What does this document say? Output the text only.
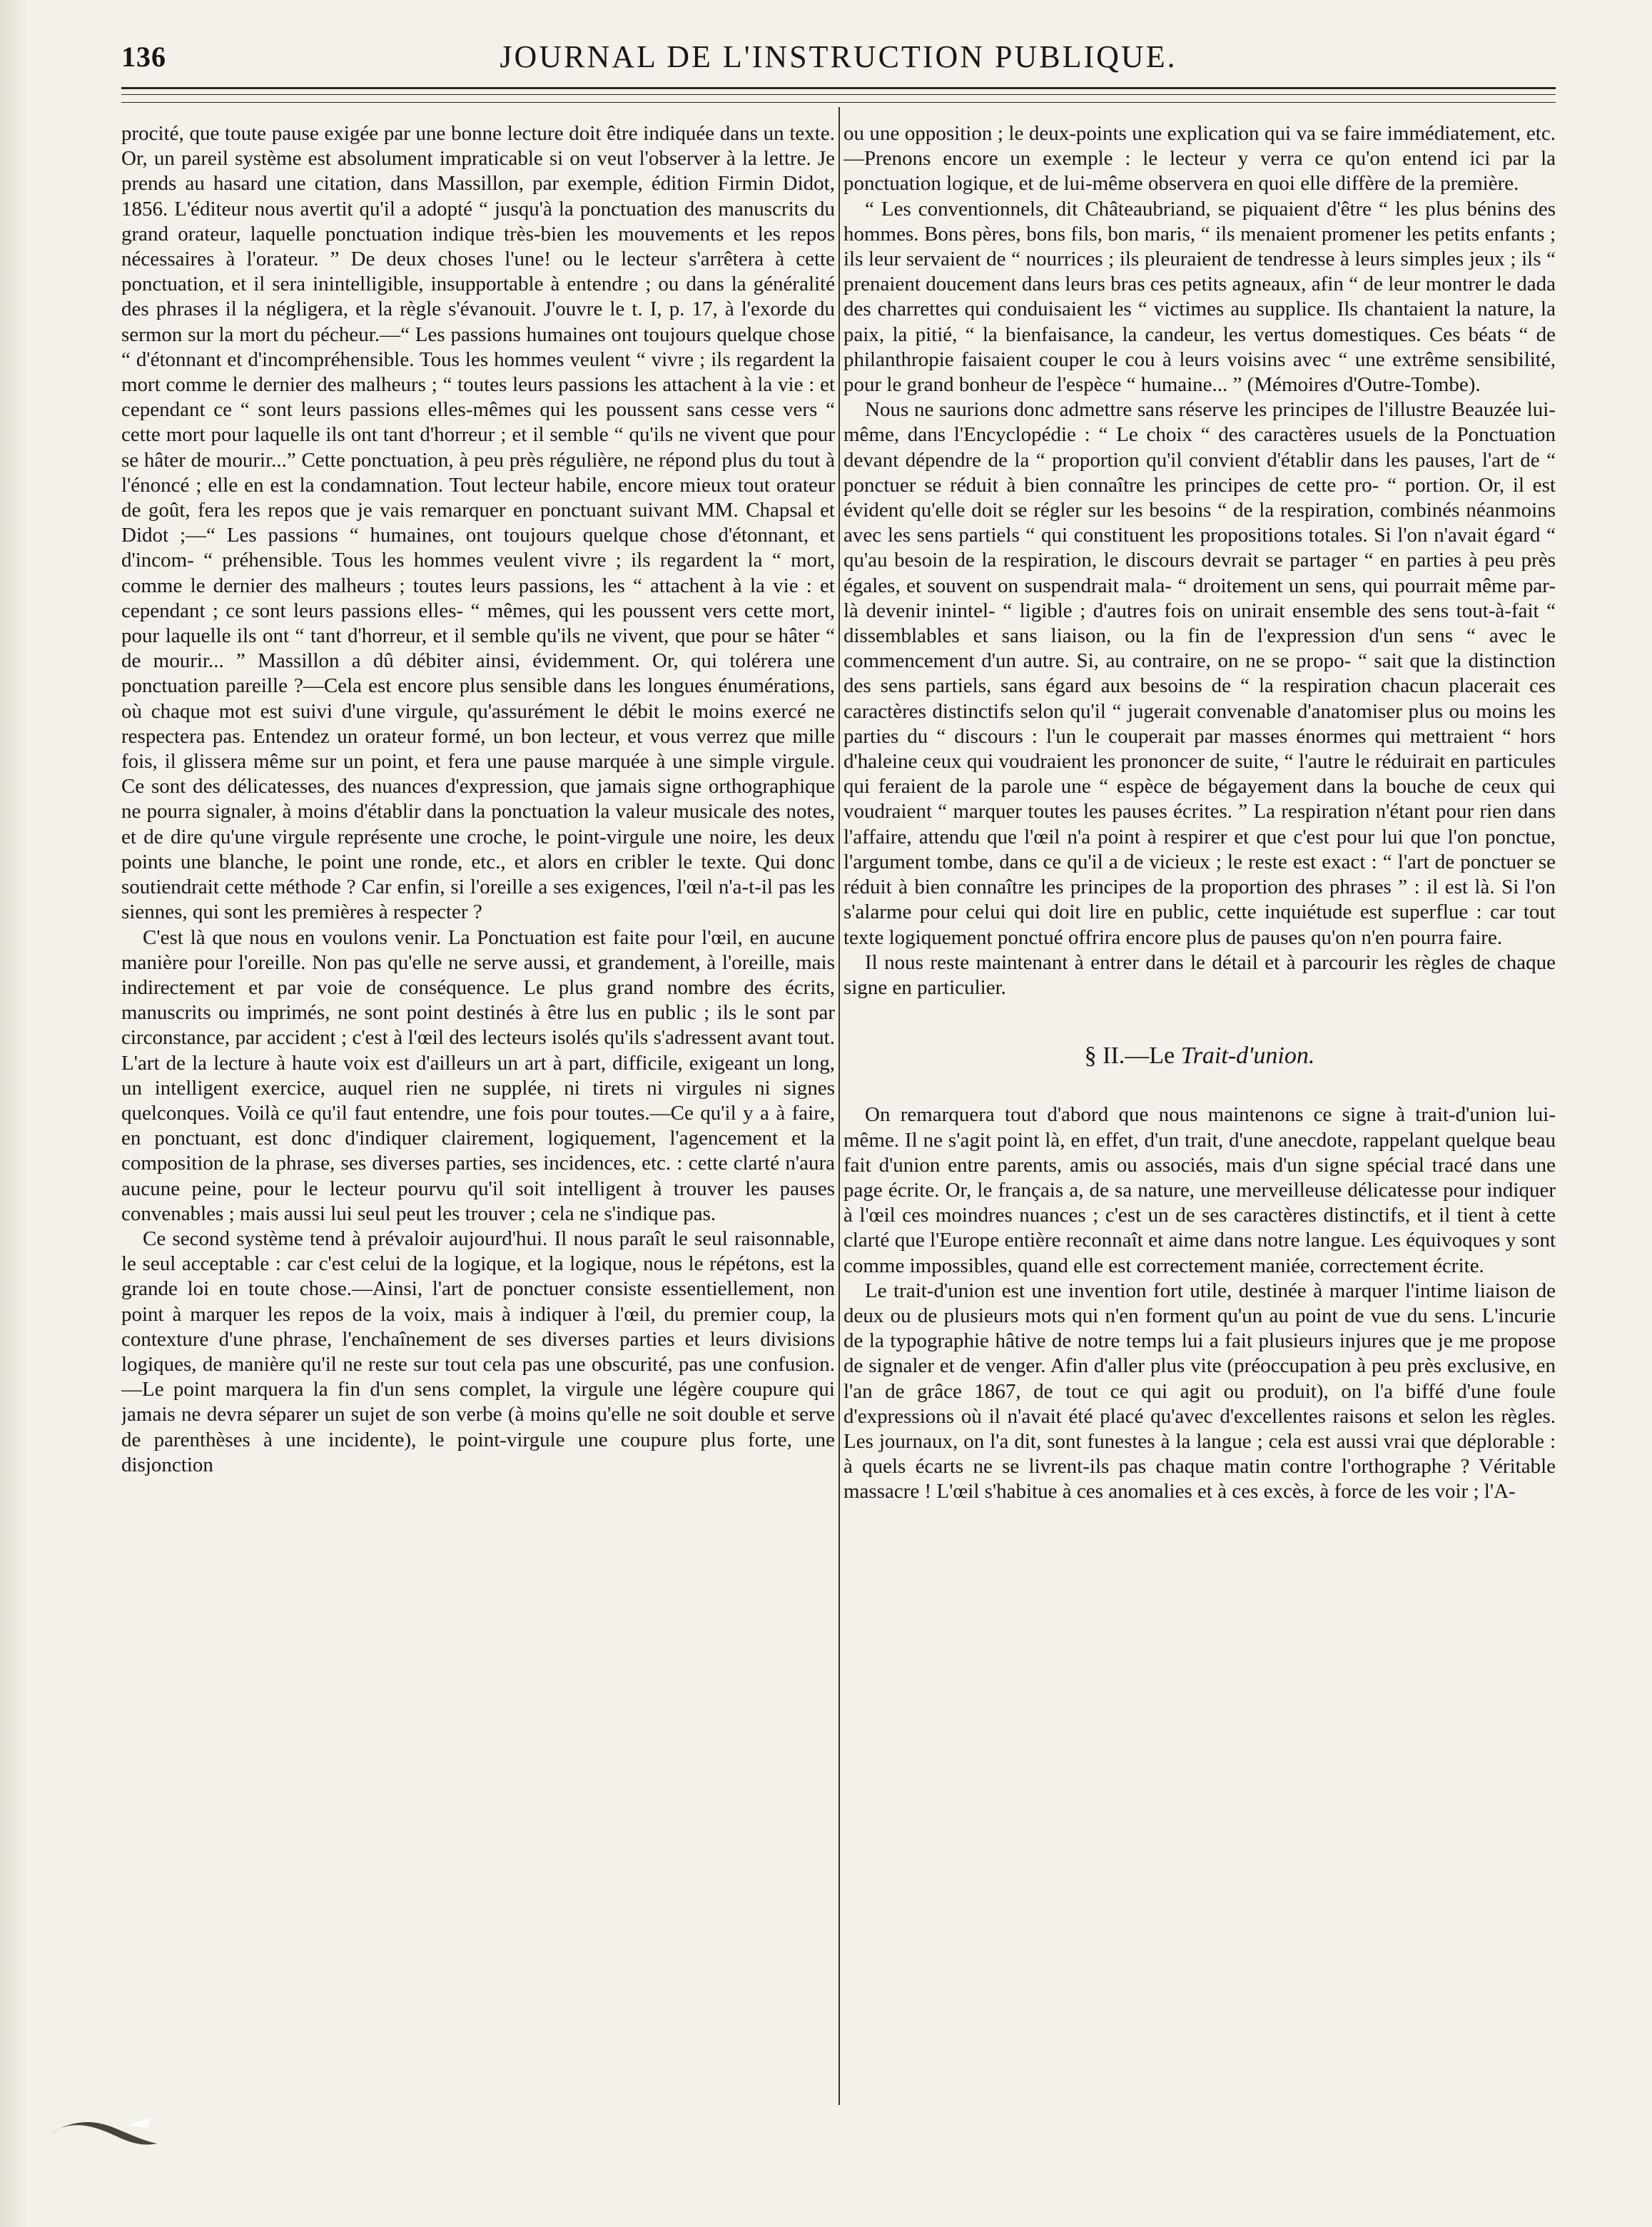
136	JOURNAL DE L'INSTRUCTION PUBLIQUE.

procité, que toute pause exigée par une bonne lecture doit être indiquée dans un texte. Or, un pareil système est absolument impraticable si on veut l'observer à la lettre. Je prends au hasard une citation, dans Massillon, par exemple, édition Firmin Didot, 1856. L'éditeur nous avertit qu'il a adopté “ jusqu'à la ponctuation des manuscrits du grand orateur, laquelle ponctuation indique très-bien les mouvements et les repos nécessaires à l'orateur. ” De deux choses l'une! ou le lecteur s'arrêtera à cette ponctuation, et il sera inintelligible, insupportable à entendre ; ou dans la généralité des phrases il la négligera, et la règle s'évanouit. J'ouvre le t. I, p. 17, à l'exorde du sermon sur la mort du pécheur.—“ Les passions humaines ont toujours quelque chose “ d'étonnant et d'incompréhensible. Tous les hommes veulent “ vivre ; ils regardent la mort comme le dernier des malheurs ; “ toutes leurs passions les attachent à la vie : et cependant ce “ sont leurs passions elles-mêmes qui les poussent sans cesse vers “ cette mort pour laquelle ils ont tant d'horreur ; et il semble “ qu'ils ne vivent que pour se hâter de mourir...” Cette ponctuation, à peu près régulière, ne répond plus du tout à l'énoncé ; elle en est la condamnation. Tout lecteur habile, encore mieux tout orateur de goût, fera les repos que je vais remarquer en ponctuant suivant MM. Chapsal et Didot ;—“ Les passions “ humaines, ont toujours quelque chose d'étonnant, et d'incom- “ préhensible. Tous les hommes veulent vivre ; ils regardent la “ mort, comme le dernier des malheurs ; toutes leurs passions, les “ attachent à la vie : et cependant ; ce sont leurs passions elles- “ mêmes, qui les poussent vers cette mort, pour laquelle ils ont “ tant d'horreur, et il semble qu'ils ne vivent, que pour se hâter “ de mourir... ” Massillon a dû débiter ainsi, évidemment. Or, qui tolérera une ponctuation pareille ?—Cela est encore plus sensible dans les longues énumérations, où chaque mot est suivi d'une virgule, qu'assurément le débit le moins exercé ne respectera pas. Entendez un orateur formé, un bon lecteur, et vous verrez que mille fois, il glissera même sur un point, et fera une pause marquée à une simple virgule. Ce sont des délicatesses, des nuances d'expression, que jamais signe orthographique ne pourra signaler, à moins d'établir dans la ponctuation la valeur musicale des notes, et de dire qu'une virgule représente une croche, le point-virgule une noire, les deux points une blanche, le point une ronde, etc., et alors en cribler le texte. Qui donc soutiendrait cette méthode ? Car enfin, si l'oreille a ses exigences, l'œil n'a-t-il pas les siennes, qui sont les premières à respecter ?

C'est là que nous en voulons venir. La Ponctuation est faite pour l'œil, en aucune manière pour l'oreille. Non pas qu'elle ne serve aussi, et grandement, à l'oreille, mais indirectement et par voie de conséquence. Le plus grand nombre des écrits, manuscrits ou imprimés, ne sont point destinés à être lus en public ; ils le sont par circonstance, par accident ; c'est à l'œil des lecteurs isolés qu'ils s'adressent avant tout. L'art de la lecture à haute voix est d'ailleurs un art à part, difficile, exigeant un long, un intelligent exercice, auquel rien ne supplée, ni tirets ni virgules ni signes quelconques. Voilà ce qu'il faut entendre, une fois pour toutes.—Ce qu'il y a à faire, en ponctuant, est donc d'indiquer clairement, logiquement, l'agencement et la composition de la phrase, ses diverses parties, ses incidences, etc. : cette clarté n'aura aucune peine, pour le lecteur pourvu qu'il soit intelligent à trouver les pauses convenables ; mais aussi lui seul peut les trouver ; cela ne s'indique pas.

Ce second système tend à prévaloir aujourd'hui. Il nous paraît le seul raisonnable, le seul acceptable : car c'est celui de la logique, et la logique, nous le répétons, est la grande loi en toute chose.—Ainsi, l'art de ponctuer consiste essentiellement, non point à marquer les repos de la voix, mais à indiquer à l'œil, du premier coup, la contexture d'une phrase, l'enchaînement de ses diverses parties et leurs divisions logiques, de manière qu'il ne reste sur tout cela pas une obscurité, pas une confusion.—Le point marquera la fin d'un sens complet, la virgule une légère coupure qui jamais ne devra séparer un sujet de son verbe (à moins qu'elle ne soit double et serve de parenthèses à une incidente), le point-virgule une coupure plus forte, une disjonction

ou une opposition ; le deux-points une explication qui va se faire immédiatement, etc.—Prenons encore un exemple : le lecteur y verra ce qu'on entend ici par la ponctuation logique, et de lui-même observera en quoi elle diffère de la première.

“ Les conventionnels, dit Châteaubriand, se piquaient d'être “ les plus bénins des hommes. Bons pères, bons fils, bon maris, “ ils menaient promener les petits enfants ; ils leur servaient de “ nourrices ; ils pleuraient de tendresse à leurs simples jeux ; ils “ prenaient doucement dans leurs bras ces petits agneaux, afin “ de leur montrer le dada des charrettes qui conduisaient les “ victimes au supplice. Ils chantaient la nature, la paix, la pitié, “ la bienfaisance, la candeur, les vertus domestiques. Ces béats “ de philanthropie faisaient couper le cou à leurs voisins avec “ une extrême sensibilité, pour le grand bonheur de l'espèce “ humaine... ” (Mémoires d'Outre-Tombe).

Nous ne saurions donc admettre sans réserve les principes de l'illustre Beauzée lui-même, dans l'Encyclopédie : “ Le choix “ des caractères usuels de la Ponctuation devant dépendre de la “ proportion qu'il convient d'établir dans les pauses, l'art de “ ponctuer se réduit à bien connaître les principes de cette pro- “ portion. Or, il est évident qu'elle doit se régler sur les besoins “ de la respiration, combinés néanmoins avec les sens partiels “ qui constituent les propositions totales. Si l'on n'avait égard “ qu'au besoin de la respiration, le discours devrait se partager “ en parties à peu près égales, et souvent on suspendrait mala- “ droitement un sens, qui pourrait même par-là devenir inintel- “ ligible ; d'autres fois on unirait ensemble des sens tout-à-fait “ dissemblables et sans liaison, ou la fin de l'expression d'un sens “ avec le commencement d'un autre. Si, au contraire, on ne se propo- “ sait que la distinction des sens partiels, sans égard aux besoins de “ la respiration chacun placerait ces caractères distinctifs selon qu'il “ jugerait convenable d'anatomiser plus ou moins les parties du “ discours : l'un le couperait par masses énormes qui mettraient “ hors d'haleine ceux qui voudraient les prononcer de suite, “ l'autre le réduirait en particules qui feraient de la parole une “ espèce de bégayement dans la bouche de ceux qui voudraient “ marquer toutes les pauses écrites. ” La respiration n'étant pour rien dans l'affaire, attendu que l'œil n'a point à respirer et que c'est pour lui que l'on ponctue, l'argument tombe, dans ce qu'il a de vicieux ; le reste est exact : “ l'art de ponctuer se réduit à bien connaître les principes de la proportion des phrases ” : il est là. Si l'on s'alarme pour celui qui doit lire en public, cette inquiétude est superflue : car tout texte logiquement ponctué offrira encore plus de pauses qu'on n'en pourra faire.

Il nous reste maintenant à entrer dans le détail et à parcourir les règles de chaque signe en particulier.

§ II.—Le Trait-d'union.

On remarquera tout d'abord que nous maintenons ce signe à trait-d'union lui-même. Il ne s'agit point là, en effet, d'un trait, d'une anecdote, rappelant quelque beau fait d'union entre parents, amis ou associés, mais d'un signe spécial tracé dans une page écrite. Or, le français a, de sa nature, une merveilleuse délicatesse pour indiquer à l'œil ces moindres nuances ; c'est un de ses caractères distinctifs, et il tient à cette clarté que l'Europe entière reconnaît et aime dans notre langue. Les équivoques y sont comme impossibles, quand elle est correctement maniée, correctement écrite.

Le trait-d'union est une invention fort utile, destinée à marquer l'intime liaison de deux ou de plusieurs mots qui n'en forment qu'un au point de vue du sens. L'incurie de la typographie hâtive de notre temps lui a fait plusieurs injures que je me propose de signaler et de venger. Afin d'aller plus vite (préoccupation à peu près exclusive, en l'an de grâce 1867, de tout ce qui agit ou produit), on l'a biffé d'une foule d'expressions où il n'avait été placé qu'avec d'excellentes raisons et selon les règles. Les journaux, on l'a dit, sont funestes à la langue ; cela est aussi vrai que déplorable : à quels écarts ne se livrent-ils pas chaque matin contre l'orthographe ? Véritable massacre ! L'œil s'habitue à ces anomalies et à ces excès, à force de les voir ; l'A-
